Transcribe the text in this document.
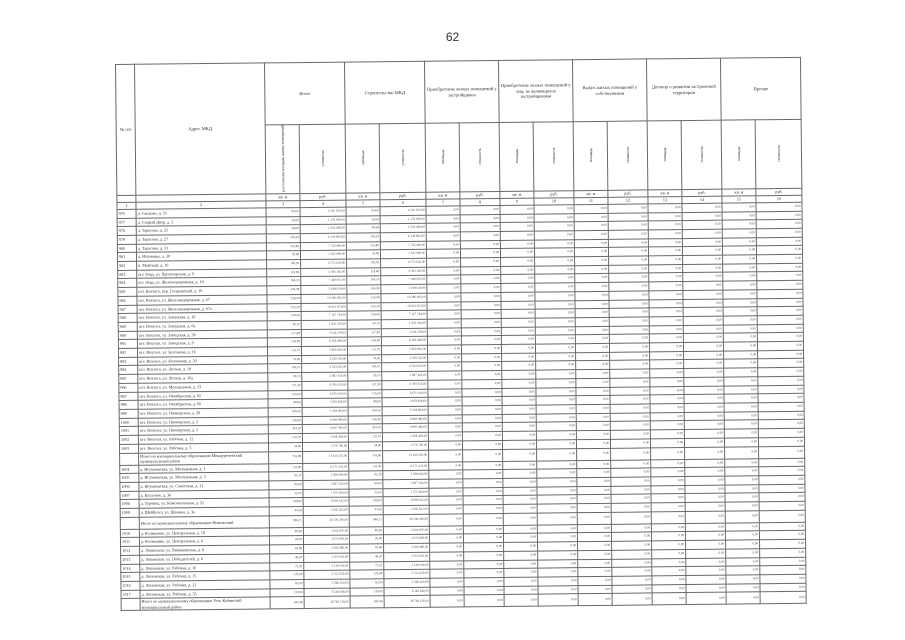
62
№ п/п	Адрес МКД	Всего		Строительство МКД		Приобретение жилых помещений у застройщиков		Приобретение жилых помещений у лиц, не являющихся застройщиками		Выкуп жилых помещений у собственников		Договор о развитии застроенной территории		Прочие	
		расселяемая площадь жилых помещений	стоимость	площадь	стоимость	площадь	стоимость	площадь	стоимость	площадь	стоимость	площадь	стоимость	площадь	стоимость
		кв. м	руб.	кв. м	руб.	кв. м	руб.	кв. м	руб.	кв. м	руб.	кв. м	руб.	кв. м	руб.
1	2	3	4	5	6	7	8	9	10	11	12	13	14	15	16
976	д. Сандово, д. 55	95,69	4 342 293,00	95,69	4 342 293,00	0,00	0,00	0,00	0,00	0,00	0,00	0,00	0,00	0,00	0,00
977	д. Старый Двор, д. 2	26,69	1 176 380,00	26,69	1 176 380,00	0,00	0,00	0,00	0,00	0,00	0,00	0,00	0,00	0,00	0,00
978	д. Тарасово, д. 25	49,68	2 254 468,00	49,68	2 254 468,00	0,00	0,00	0,00	0,00	0,00	0,00	0,00	0,00	0,00	0,00
979	д. Тарасово, д. 27	138,28	6 139 862,00	138,28	6 139 862,00	0,00	0,00	0,00	0,00	0,00	0,00	0,00	0,00	0,00	0,00
980	д. Тарасово, д. 31	224,80	7 726 490,00	224,80	7 726 490,00	0,00	0,00	0,00	0,00	0,00	0,00	0,00	0,00	0,00	0,00
981	д. Исковицы, д. 30	29,90	1 342 969,00	29,90	1 342 969,00	0,00	0,00	0,00	0,00	0,00	0,00	0,00	0,00	0,00	0,00
982	п. Майский, д. 18	158,59	6 572 642,00	158,59	6 572 642,00	0,00	0,00	0,00	0,00	0,00	0,00	0,00	0,00	0,00	0,00
983	пгт Ловд, ул. Пролетарская, д. 9	118,80	5 393 282,00	118,80	5 393 282,00	0,00	0,00	0,00	0,00	0,00	0,00	0,00	0,00	0,00	0,00
984	пгт Ловд, ул. Железнодорожная, д. 10	164,10	7 448 001,00	164,10	7 448 001,00	0,00	0,00	0,00	0,00	0,00	0,00	0,00	0,00	0,00	0,00
985	пгт. Вохтога, пер. Гагаринский, д. 10	104,98	5 198 618,00	104,98	5 198 618,00	0,00	0,00	0,00	0,00	0,00	0,00	0,00	0,00	0,00	0,00
986	пгт. Вохтога, ул. Железнодорожная, д. 67	226,40	10 286 482,00	226,40	10 286 482,00	0,00	0,00	0,00	0,00	0,00	0,00	0,00	0,00	0,00	0,00
987	пгт. Вохтога, ул. Железнодорожная, д. 67а	233,30	10 813 673,00	233,30	10 813 673,00	0,00	0,00	0,00	0,00	0,00	0,00	0,00	0,00	0,00	0,00
988	пгт. Вохтога, ул. Заводская, д. 18	159,06	7 147 744,00	159,06	7 147 744,00	0,00	0,00	0,00	0,00	0,00	0,00	0,00	0,00	0,00	0,00
989	пгт. Вохтога, ул. Заводская, д. 6а	40,10	1 841 196,00	40,10	1 841 196,00	0,00	0,00	0,00	0,00	0,00	0,00	0,00	0,00	0,00	0,00
990	пгт. Вохтога, ул. Заводская, д. 36	117,80	5 346 278,00	117,80	5 346 278,00	0,00	0,00	0,00	0,00	0,00	0,00	0,00	0,00	0,00	0,00
991	пгт. Вохтога, ул. Заводская, д. 9	136,80	6 206 496,00	136,80	6 206 496,00	0,00	0,00	0,00	0,00	0,00	0,00	0,00	0,00	0,00	0,00
992	пгт. Вохтога, ул. Булгакова, д. 16	131,70	5 960 963,00	131,70	5 960 963,00	0,00	0,00	0,00	0,00	0,00	0,00	0,00	0,00	0,00	0,00
993	пгт. Вохтога, ул. Колхозная, д. 20	74,90	3 359 720,00	74,90	3 359 720,00	0,00	0,00	0,00	0,00	0,00	0,00	0,00	0,00	0,00	0,00
994	пгт. Вохтога, ул. Лесная, д. 10	145,10	6 524 020,00	145,10	6 524 020,00	0,00	0,00	0,00	0,00	0,00	0,00	0,00	0,00	0,00	0,00
995	пгт. Вохтога, ул. Лесная, д. 16а	59,10	2 687 420,00	59,10	2 687 420,00	0,00	0,00	0,00	0,00	0,00	0,00	0,00	0,00	0,00	0,00
996	пгт. Вохтога, ул. Молодежная, д. 23	137,30	6 709 355,00	137,30	6 709 355,00	0,00	0,00	0,00	0,00	0,00	0,00	0,00	0,00	0,00	0,00
997	пгт. Вохтога, ул. Октябрьская, д. 65	125,60	6 670 100,00	125,60	6 670 100,00	0,00	0,00	0,00	0,00	0,00	0,00	0,00	0,00	0,00	0,00
998	пгт. Вохтога, ул. Октябрьская, д. 66	88,60	3 953 828,00	88,60	3 953 828,00	0,00	0,00	0,00	0,00	0,00	0,00	0,00	0,00	0,00	0,00
999	пгт. Вохтога, ул. Пионерская, д. 20	168,30	5 394 684,00	168,30	5 394 684,00	0,00	0,00	0,00	0,00	0,00	0,00	0,00	0,00	0,00	0,00
1000	пгт. Вохтога, ул. Пионерская, д. 2	156,90	6 883 980,00	156,90	6 883 980,00	0,00	0,00	0,00	0,00	0,00	0,00	0,00	0,00	0,00	0,00
1001	пгт. Вохтога, ул. Пионерская, д. 3	294,10	6 897 490,00	294,10	6 897 490,00	0,00	0,00	0,00	0,00	0,00	0,00	0,00	0,00	0,00	0,00
1002	пгт. Вохтога, ул. Рабочая, д. 12	129,70	5 458 469,00	129,70	5 458 469,00	0,00	0,00	0,00	0,00	0,00	0,00	0,00	0,00	0,00	0,00
1003	пгт. Вохтога, ул. Рабочая, д. 3	34,90	1 576 760,00	34,90	1 576 760,00	0,00	0,00	0,00	0,00	0,00	0,00	0,00	0,00	0,00	0,00
	Итого по муниципальному образованию Междуреченский муниципальный район	716,89	31 430 325,00	716,89	31 430 325,00	0,00	0,00	0,00	0,00	0,00	0,00	0,00	0,00	0,00	0,00
1004	д. Игумновская, ул. Молодежная, д. 1	131,80	6 171 433,00	131,80	6 171 433,00	0,00	0,00	0,00	0,00	0,00	0,00	0,00	0,00	0,00	0,00
1005	д. Игумновская, ул. Молодежная, д. 3	92,20	3 958 906,00	92,20	3 958 906,00	0,00	0,00	0,00	0,00	0,00	0,00	0,00	0,00	0,00	0,00
1006	д. Игумновская, ул. Советская, д. 21	84,00	3 697 104,00	84,00	3 697 104,00	0,00	0,00	0,00	0,00	0,00	0,00	0,00	0,00	0,00	0,00
1007	д. Калатное, д. 36	35,05	1 575 069,00	35,05	1 575 069,00	0,00	0,00	0,00	0,00	0,00	0,00	0,00	0,00	0,00	0,00
1008	д. Туровец, ул. Комсомольская, д. 52	198,90	8 928 162,00	198,90	8 928 162,00	0,00	0,00	0,00	0,00	0,00	0,00	0,00	0,00	0,00	0,00
1009	д. Шейбухта, ул. Шанина, д. 3а	44,26	2 005 622,00	44,26	2 005 622,00	0,00	0,00	0,00	0,00	0,00	0,00	0,00	0,00	0,00	0,00
	Итого по муниципальному образованию Никольский	586,21	26 336 296,00	586,21	26 336 296,00	0,00	0,00	0,00	0,00	0,00	0,00	0,00	0,00	0,00	0,00
1010	д. Колкашевь, ул. Центральная, д. 10	89,60	3 924 870,00	89,60	3 924 870,00	0,00	0,00	0,00	0,00	0,00	0,00	0,00	0,00	0,00	0,00
1011	д. Колкашевь, ул. Центральная, д. 8	26,00	1 074 000,00	26,00	1 074 000,00	0,00	0,00	0,00	0,00	0,00	0,00	0,00	0,00	0,00	0,00
1012	д. Лопинская, ул. Вязовцевская, д. 8	45,86	2 056 480,00	45,86	2 056 480,00	0,00	0,00	0,00	0,00	0,00	0,00	0,00	0,00	0,00	0,00
1013	д. Лопинская, ул. Победителей, д. 6	46,20	2 074 562,00	46,20	2 074 562,00	0,00	0,00	0,00	0,00	0,00	0,00	0,00	0,00	0,00	0,00
1014	д. Лопинская, ул. Рабочая, д. 16	72,92	3 136 940,00	72,92	3 136 940,00	0,00	0,00	0,00	0,00	0,00	0,00	0,00	0,00	0,00	0,00
1015	д. Лопинская, ул. Рабочая, д. 15	129,90	5 512 629,00	129,90	5 512 629,00	0,00	0,00	0,00	0,00	0,00	0,00	0,00	0,00	0,00	0,00
1016	д. Лопинская, ул. Рабочая, д. 21	82,00	3 566 029,00	82,00	3 566 029,00	0,00	0,00	0,00	0,00	0,00	0,00	0,00	0,00	0,00	0,00
1017	д. Лопинская, ул. Рабочая, д. 33	139,00	6 146 646,00	139,00	6 146 646,00	0,00	0,00	0,00	0,00	0,00	0,00	0,00	0,00	0,00	0,00
	Итого по муниципальному образованию Усть-Кубинский муниципальный район	630,48	28 760 156,00	630,48	28 760 156,00	0,00	0,00	0,00	0,00	0,00	0,00	0,00	0,00	0,00	0,00
